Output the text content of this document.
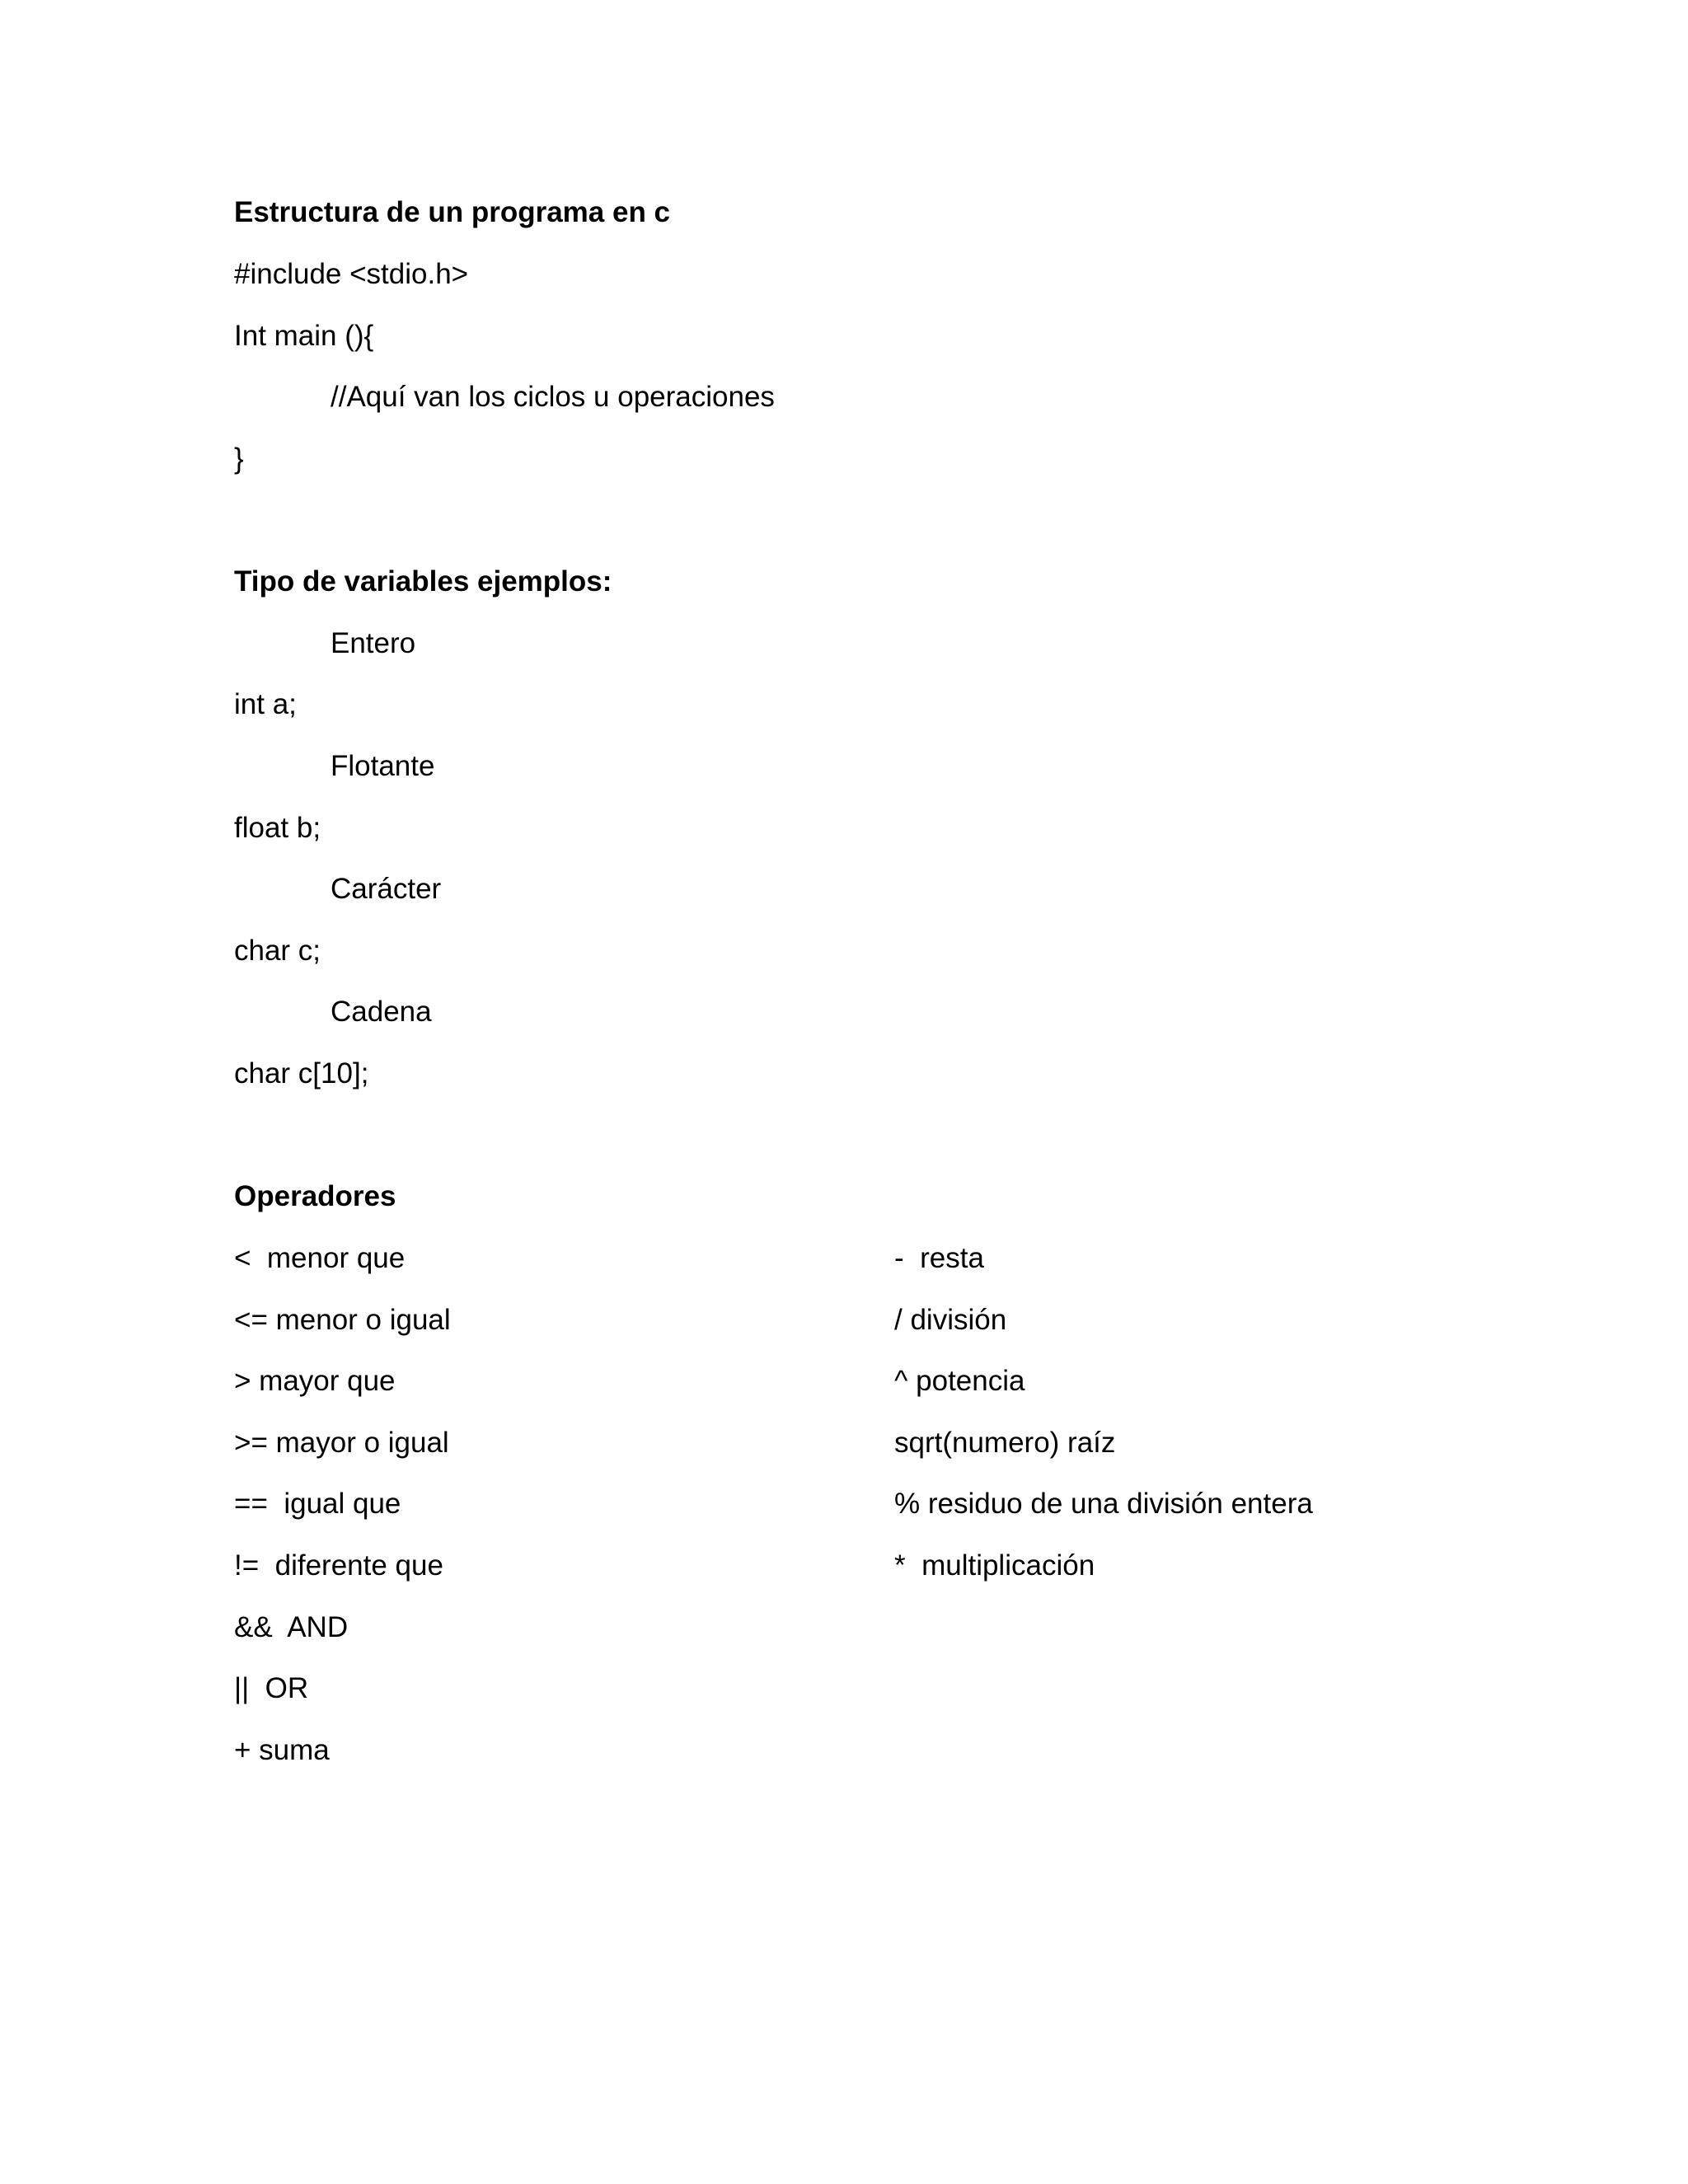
Estructura de un programa en c
#include <stdio.h>
Int main (){
//Aquí van los ciclos u operaciones
}
Tipo de variables ejemplos:
Entero
int a;
Flotante
float b;
Carácter
char c;
Cadena
char c[10];
Operadores
<  menor que
<= menor o igual
> mayor que
>= mayor o igual
==  igual que
!=  diferente que
&&  AND
||  OR
+ suma
-  resta
/ división
^ potencia
sqrt(numero) raíz
% residuo de una división entera
*  multiplicación
